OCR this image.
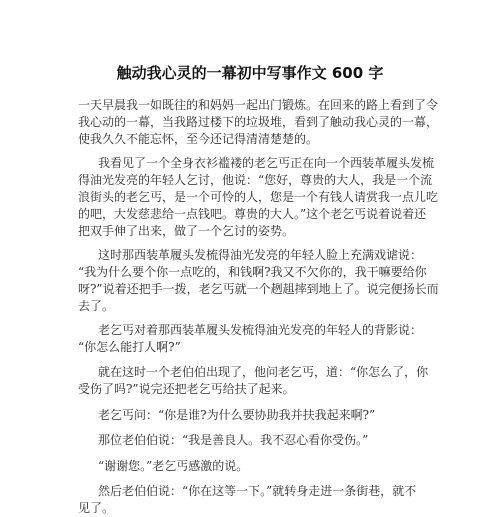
触动我心灵的一幕初中写事作文 600 字
一天早晨我一如既往的和妈妈一起出门锻炼。在回来的路上看到了令
我心动的一幕，当我路过楼下的垃圾堆，看到了触动我心灵的一幕，
使我久久不能忘怀，至今还记得清清楚楚的。
我看见了一个全身衣衫褴褛的老乞丐正在向一个西装革履头发梳
得油光发亮的年轻人乞讨，他说：“您好，尊贵的大人，我是一个流
浪街头的老乞丐，是一个可怜的人，您是一个有钱人请赏我一点儿吃
的吧，大发慈悲给一点钱吧。尊贵的大人。”这个老乞丐说着说着还
把双手伸了出来，做了一个乞讨的姿势。
这时那西装革履头发梳得油光发亮的年轻人脸上充满戏谑说：
“我为什么要个你一点吃的，和钱啊?我又不欠你的，我干嘛要给你
呀?”说着还把手一拨，老乞丐就一个趔趄摔到地上了。说完便扬长而
去了。
老乞丐对着那西装革履头发梳得油光发亮的年轻人的背影说：
“你怎么能打人啊?”
就在这时一个老伯伯出现了，他问老乞丐，道：“你怎么了，你
受伤了吗?”说完还把老乞丐给扶了起来。
老乞丐问：“你是谁?为什么要协助我并扶我起来啊?”
那位老伯伯说：“我是善良人。我不忍心看你受伤。”
“谢谢您。”老乞丐感激的说。
然后老伯伯说：“你在这等一下。”就转身走进一条街巷，就不
见了。
